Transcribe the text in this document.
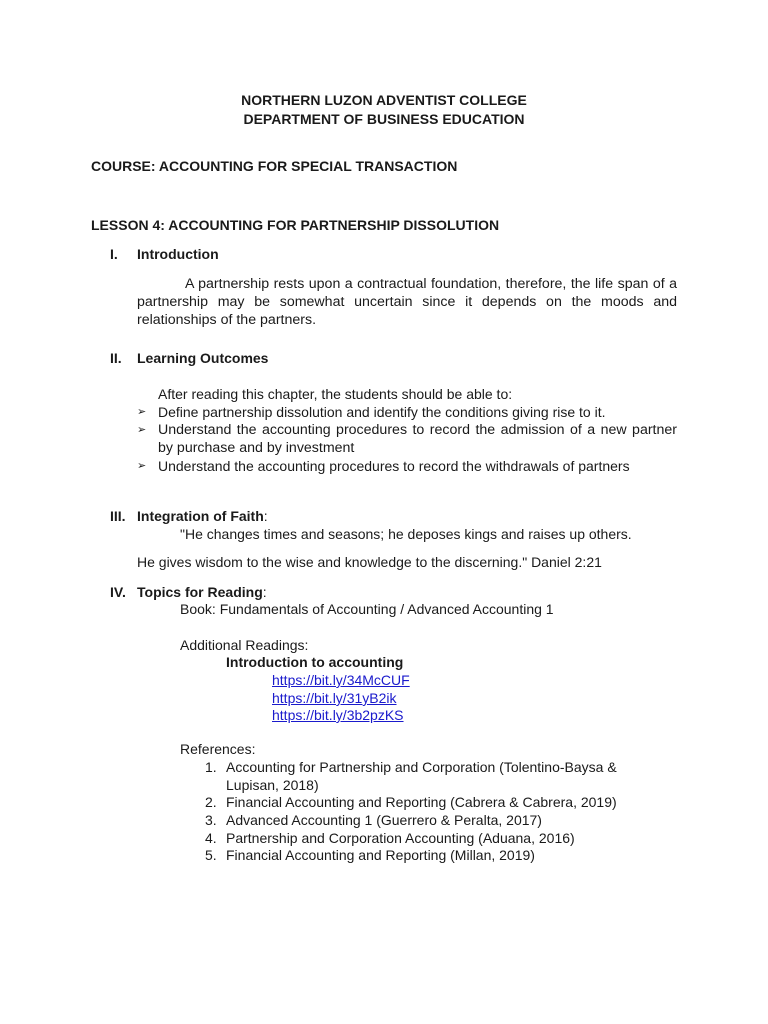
NORTHERN LUZON ADVENTIST COLLEGE
DEPARTMENT OF BUSINESS EDUCATION
COURSE: ACCOUNTING FOR SPECIAL TRANSACTION
LESSON 4: ACCOUNTING FOR PARTNERSHIP DISSOLUTION
I. Introduction
A partnership rests upon a contractual foundation, therefore, the life span of a partnership may be somewhat uncertain since it depends on the moods and relationships of the partners.
II. Learning Outcomes
After reading this chapter, the students should be able to:
➢ Define partnership dissolution and identify the conditions giving rise to it.
➢ Understand the accounting procedures to record the admission of a new partner by purchase and by investment
➢ Understand the accounting procedures to record the withdrawals of partners
III. Integration of Faith:
"He changes times and seasons; he deposes kings and raises up others.
He gives wisdom to the wise and knowledge to the discerning." Daniel 2:21
IV. Topics for Reading:
Book: Fundamentals of Accounting / Advanced Accounting 1
Additional Readings:
Introduction to accounting
https://bit.ly/34McCUF
https://bit.ly/31yB2ik
https://bit.ly/3b2pzKS
References:
1. Accounting for Partnership and Corporation (Tolentino-Baysa &
Lupisan, 2018)
2. Financial Accounting and Reporting (Cabrera & Cabrera, 2019)
3. Advanced Accounting 1 (Guerrero & Peralta, 2017)
4. Partnership and Corporation Accounting (Aduana, 2016)
5. Financial Accounting and Reporting (Millan, 2019)
